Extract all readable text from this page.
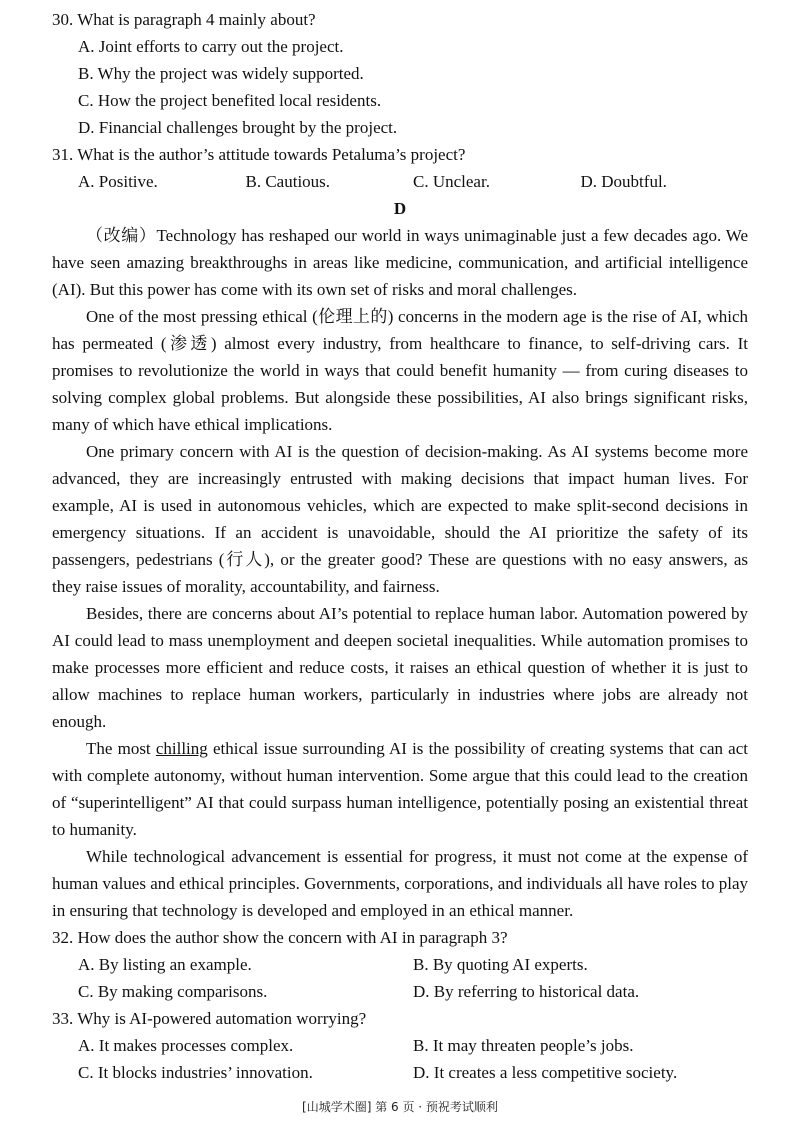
30. What is paragraph 4 mainly about?
A. Joint efforts to carry out the project.
B. Why the project was widely supported.
C. How the project benefited local residents.
D. Financial challenges brought by the project.
31. What is the author’s attitude towards Petaluma’s project?
A. Positive.	B. Cautious.	C. Unclear.	D. Doubtful.
D

（改编）Technology has reshaped our world in ways unimaginable just a few decades ago. We have seen amazing breakthroughs in areas like medicine, communication, and artificial intelligence (AI). But this power has come with its own set of risks and moral challenges.

One of the most pressing ethical (伦理上的) concerns in the modern age is the rise of AI, which has permeated (渗透) almost every industry, from healthcare to finance, to self-driving cars. It promises to revolutionize the world in ways that could benefit humanity — from curing diseases to solving complex global problems. But alongside these possibilities, AI also brings significant risks, many of which have ethical implications.

One primary concern with AI is the question of decision-making. As AI systems become more advanced, they are increasingly entrusted with making decisions that impact human lives. For example, AI is used in autonomous vehicles, which are expected to make split-second decisions in emergency situations. If an accident is unavoidable, should the AI prioritize the safety of its passengers, pedestrians (行人), or the greater good? These are questions with no easy answers, as they raise issues of morality, accountability, and fairness.

Besides, there are concerns about AI’s potential to replace human labor. Automation powered by AI could lead to mass unemployment and deepen societal inequalities. While automation promises to make processes more efficient and reduce costs, it raises an ethical question of whether it is just to allow machines to replace human workers, particularly in industries where jobs are already not enough.

The most chilling ethical issue surrounding AI is the possibility of creating systems that can act with complete autonomy, without human intervention. Some argue that this could lead to the creation of “superintelligent” AI that could surpass human intelligence, potentially posing an existential threat to humanity.

While technological advancement is essential for progress, it must not come at the expense of human values and ethical principles. Governments, corporations, and individuals all have roles to play in ensuring that technology is developed and employed in an ethical manner.

32. How does the author show the concern with AI in paragraph 3?
A. By listing an example.	B. By quoting AI experts.
C. By making comparisons.	D. By referring to historical data.
33. Why is AI-powered automation worrying?
A. It makes processes complex.	B. It may threaten people’s jobs.
C. It blocks industries’ innovation.	D. It creates a less competitive society.
[山城学术圈] 第 6 页 · 预祝考试顺利
